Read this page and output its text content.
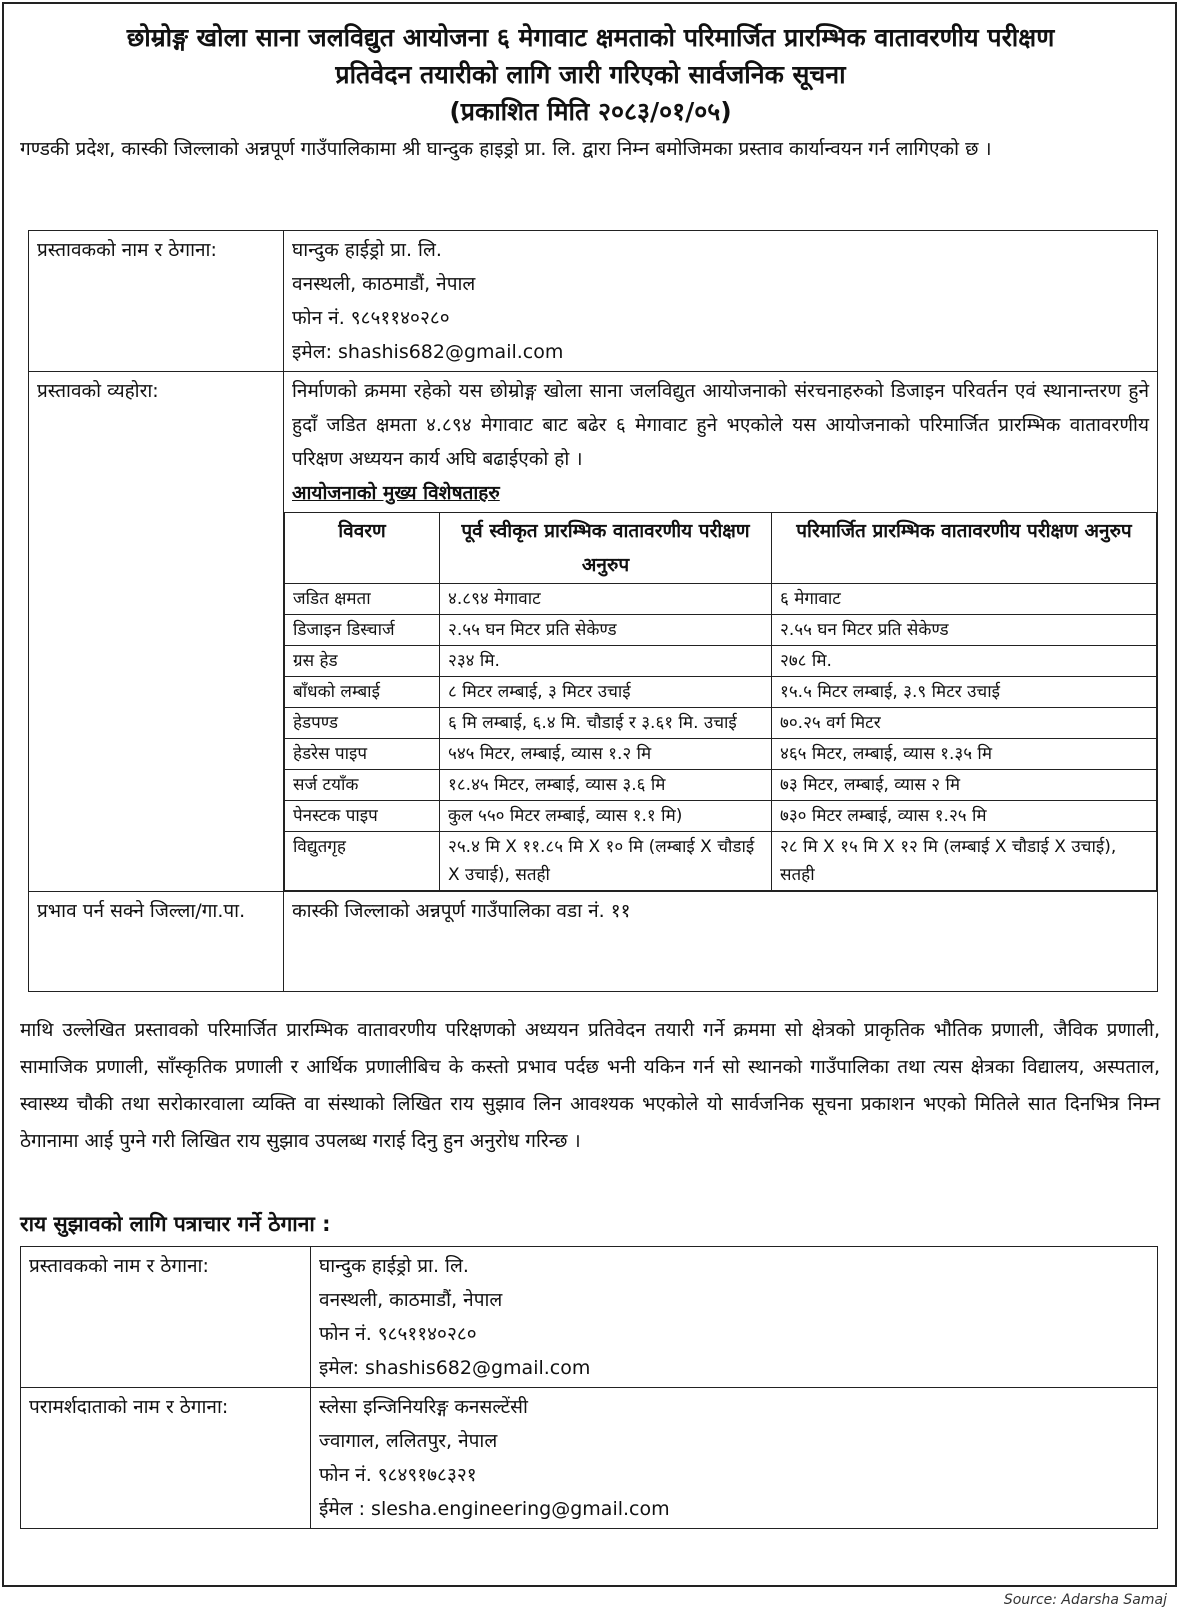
छोम्रोङ्ग खोला साना जलविद्युत आयोजना ६ मेगावाट क्षमताको परिमार्जित प्रारम्भिक वातावरणीय परीक्षण
प्रतिवेदन तयारीको लागि जारी गरिएको सार्वजनिक सूचना
(प्रकाशित मिति २०८३/०१/०५)
गण्डकी प्रदेश, कास्की जिल्लाको अन्नपूर्ण गाउँपालिकामा श्री घान्दुक हाइड्रो प्रा. लि. द्वारा निम्न बमोजिमका प्रस्ताव कार्यान्वयन गर्न लागिएको छ ।
प्रस्तावकको नाम र ठेगाना:	घान्दुक हाईड्रो प्रा. लि.
वनस्थली, काठमाडौं, नेपाल
फोन नं. ९८५११४०२८०
इमेल: shashis682@gmail.com

प्रस्तावको व्यहोरा:	निर्माणको क्रममा रहेको यस छोम्रोङ्ग खोला साना जलविद्युत आयोजनाको संरचनाहरुको डिजाइन परिवर्तन एवं स्थानान्तरण हुने हुदाँ जडित क्षमता ४.८९४ मेगावाट बाट बढेर ६ मेगावाट हुने भएकोले यस आयोजनाको परिमार्जित प्रारम्भिक वातावरणीय परिक्षण अध्ययन कार्य अघि बढाईएको हो ।
आयोजनाको मुख्य विशेषताहरु
विवरण	पूर्व स्वीकृत प्रारम्भिक वातावरणीय परीक्षण अनुरुप	परिमार्जित प्रारम्भिक वातावरणीय परीक्षण अनुरुप
जडित क्षमता	४.८९४ मेगावाट	६ मेगावाट
डिजाइन डिस्चार्ज	२.५५ घन मिटर प्रति सेकेण्ड	२.५५ घन मिटर प्रति सेकेण्ड
ग्रस हेड	२३४ मि.	२७८ मि.
बाँधको लम्बाई	८ मिटर लम्बाई, ३ मिटर उचाई	१५.५ मिटर लम्बाई, ३.९ मिटर उचाई
हेडपण्ड	६ मि लम्बाई, ६.४ मि. चौडाई र ३.६१ मि. उचाई	७०.२५ वर्ग मिटर
हेडरेस पाइप	५४५ मिटर, लम्बाई, व्यास १.२ मि	४६५ मिटर, लम्बाई, व्यास १.३५ मि
सर्ज टयाँक	१८.४५ मिटर, लम्बाई, व्यास ३.६ मि	७३ मिटर, लम्बाई, व्यास २ मि
पेनस्टक पाइप	कुल ५५० मिटर लम्बाई, व्यास १.१ मि)	७३० मिटर लम्बाई, व्यास १.२५ मि
विद्युतगृह	२५.४ मि X ११.८५ मि X १० मि (लम्बाई X चौडाई X उचाई), सतही	२८ मि X १५ मि X १२ मि (लम्बाई X चौडाई X उचाई), सतही

प्रभाव पर्न सक्ने जिल्ला/गा.पा.	कास्की जिल्लाको अन्नपूर्ण गाउँपालिका वडा नं. ११
माथि उल्लेखित प्रस्तावको परिमार्जित प्रारम्भिक वातावरणीय परिक्षणको अध्ययन प्रतिवेदन तयारी गर्ने क्रममा सो क्षेत्रको प्राकृतिक भौतिक प्रणाली, जैविक प्रणाली, सामाजिक प्रणाली, साँस्कृतिक प्रणाली र आर्थिक प्रणालीबिच के कस्तो प्रभाव पर्दछ भनी यकिन गर्न सो स्थानको गाउँपालिका तथा त्यस क्षेत्रका विद्यालय, अस्पताल, स्वास्थ्य चौकी तथा सरोकारवाला व्यक्ति वा संस्थाको लिखित राय सुझाव लिन आवश्यक भएकोले यो सार्वजनिक सूचना प्रकाशन भएको मितिले सात दिनभित्र निम्न ठेगानामा आई पुग्ने गरी लिखित राय सुझाव उपलब्ध गराई दिनु हुन अनुरोध गरिन्छ ।
राय सुझावको लागि पत्राचार गर्ने ठेगाना :
प्रस्तावकको नाम र ठेगाना:	घान्दुक हाईड्रो प्रा. लि.
वनस्थली, काठमाडौं, नेपाल
फोन नं. ९८५११४०२८०
इमेल: shashis682@gmail.com

परामर्शदाताको नाम र ठेगाना:	स्लेसा इन्जिनियरिङ्ग कनसल्टेंसी
ज्वागाल, ललितपुर, नेपाल
फोन नं. ९८४९१७८३२१
ईमेल : slesha.engineering@gmail.com
Source: Adarsha Samaj
